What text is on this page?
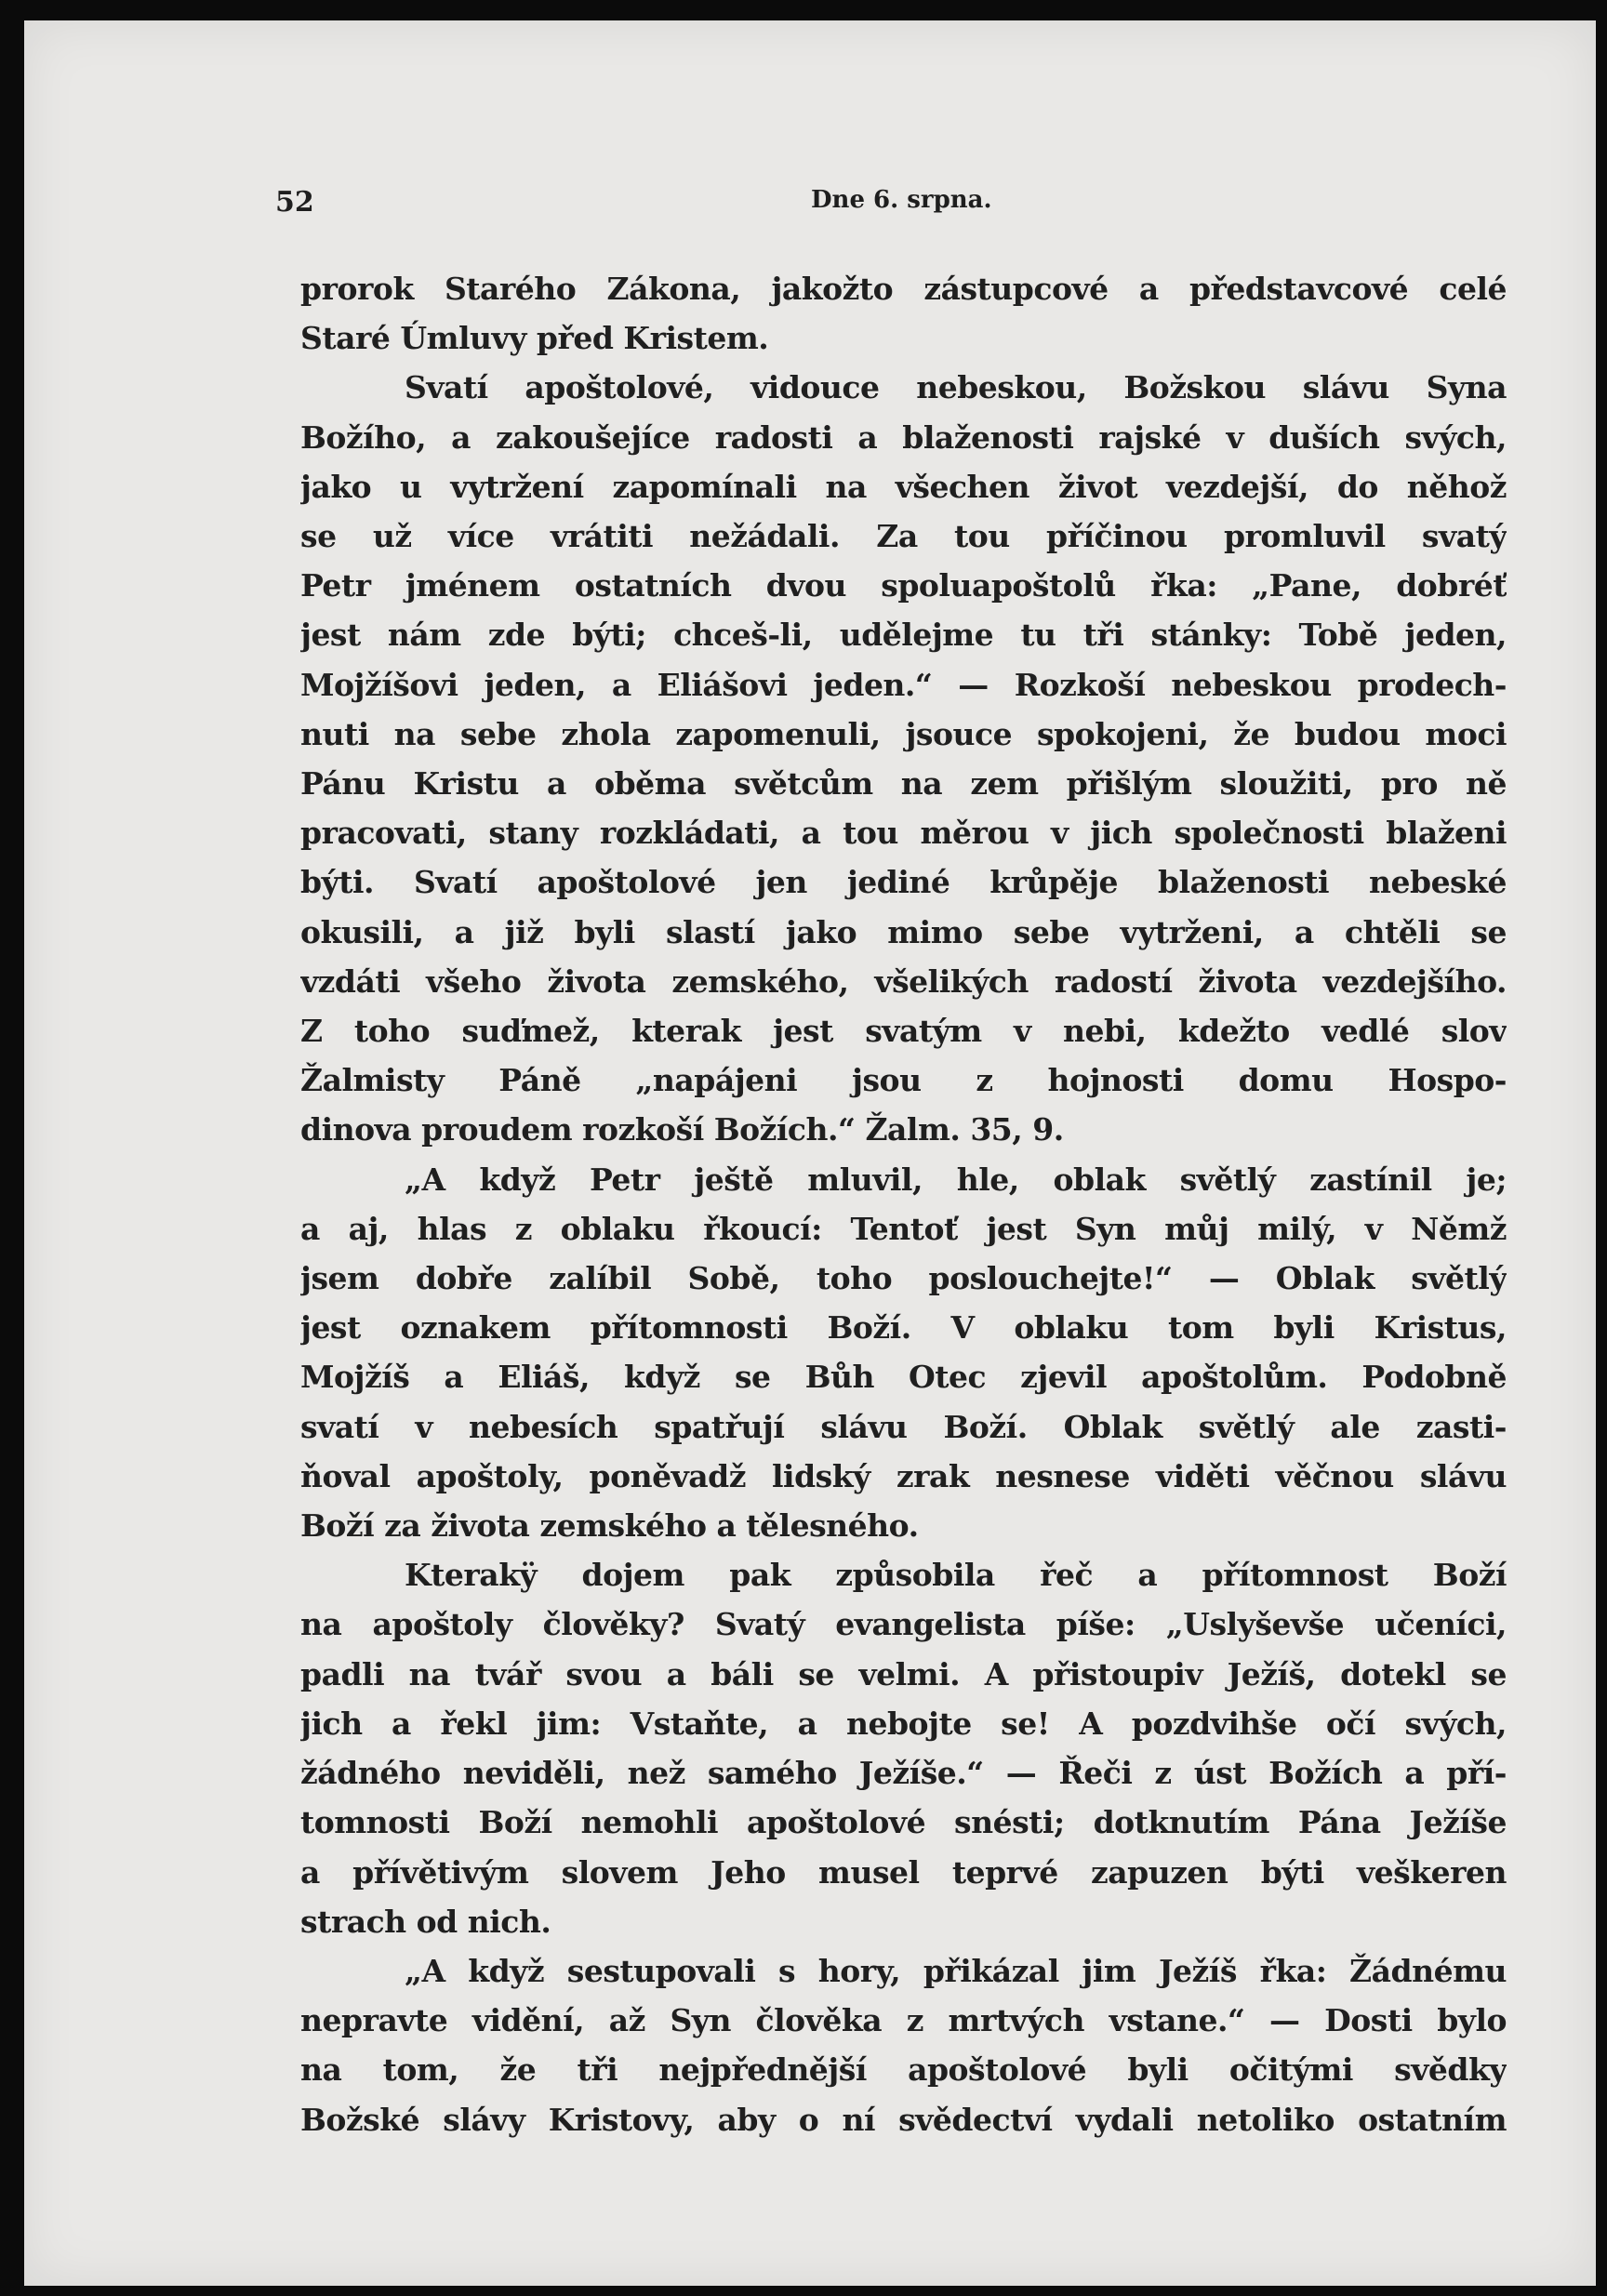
52	Dne 6. srpna.
prorok Starého Zákona, jakožto zástupcové a představcové celé
Staré Úmluvy před Kristem.
Svatí apoštolové, vidouce nebeskou, Božskou slávu Syna
Božího, a zakoušejíce radosti a blaženosti rajské v duších svých,
jako u vytržení zapomínali na všechen život vezdejší, do něhož
se už více vrátiti nežádali. Za tou příčinou promluvil svatý
Petr jménem ostatních dvou spoluapoštolů řka: „Pane, dobréť
jest nám zde býti; chceš-li, udělejme tu tři stánky: Tobě jeden,
Mojžíšovi jeden, a Eliášovi jeden.“ — Rozkoší nebeskou prodech-
nuti na sebe zhola zapomenuli, jsouce spokojeni, že budou moci
Pánu Kristu a oběma světcům na zem přišlým sloužiti, pro ně
pracovati, stany rozkládati, a tou měrou v jich společnosti blaženi
býti. Svatí apoštolové jen jediné krůpěje blaženosti nebeské
okusili, a již byli slastí jako mimo sebe vytrženi, a chtěli se
vzdáti všeho života zemského, všelikých radostí života vezdejšího.
Z toho suďmež, kterak jest svatým v nebi, kdežto vedlé slov
Žalmisty Páně „napájeni jsou z hojnosti domu Hospo-
dinova proudem rozkoší Božích.“ Žalm. 35, 9.
„A když Petr ještě mluvil, hle, oblak světlý zastínil je;
a aj, hlas z oblaku řkoucí: Tentoť jest Syn můj milý, v Němž
jsem dobře zalíbil Sobě, toho poslouchejte!“ — Oblak světlý
jest oznakem přítomnosti Boží. V oblaku tom byli Kristus,
Mojžíš a Eliáš, když se Bůh Otec zjevil apoštolům. Podobně
svatí v nebesích spatřují slávu Boží. Oblak světlý ale zasti-
ňoval apoštoly, poněvadž lidský zrak nesnese viděti věčnou slávu
Boží za života zemského a tělesného.
Kterakÿ dojem pak způsobila řeč a přítomnost Boží
na apoštoly člověky? Svatý evangelista píše: „Uslyševše učeníci,
padli na tvář svou a báli se velmi. A přistoupiv Ježíš, dotekl se
jich a řekl jim: Vstaňte, a nebojte se! A pozdvihše očí svých,
žádného neviděli, než samého Ježíše.“ — Řeči z úst Božích a pří-
tomnosti Boží nemohli apoštolové snésti; dotknutím Pána Ježíše
a přívětivým slovem Jeho musel teprvé zapuzen býti veškeren
strach od nich.
„A když sestupovali s hory, přikázal jim Ježíš řka: Žádnému
nepravte vidění, až Syn člověka z mrtvých vstane.“ — Dosti bylo
na tom, že tři nejpřednější apoštolové byli očitými svědky
Božské slávy Kristovy, aby o ní svědectví vydali netoliko ostatním
